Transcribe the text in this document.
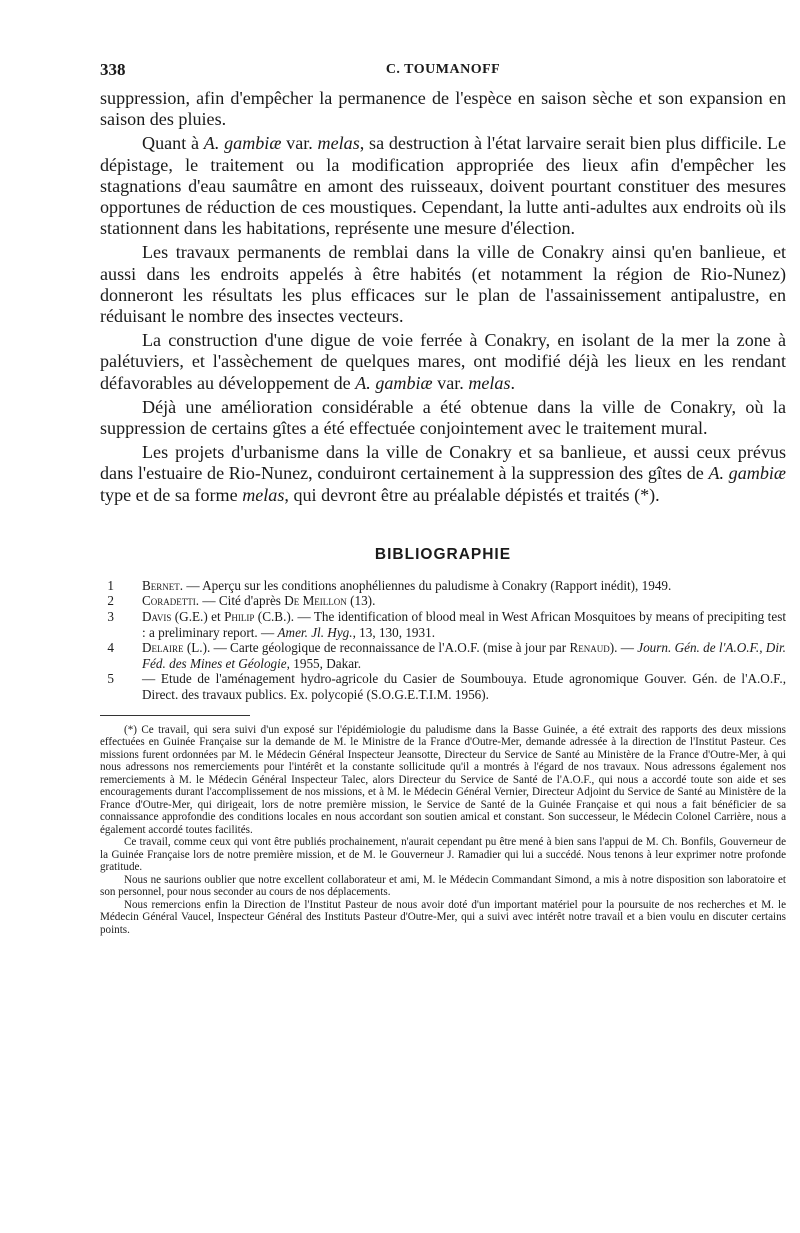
338	C. TOUMANOFF

suppression, afin d'empêcher la permanence de l'espèce en saison sèche et son expansion en saison des pluies.

Quant à A. gambiæ var. melas, sa destruction à l'état larvaire serait bien plus difficile. Le dépistage, le traitement ou la modification appropriée des lieux afin d'empêcher les stagnations d'eau saumâtre en amont des ruisseaux, doivent pourtant constituer des mesures opportunes de réduction de ces moustiques. Cependant, la lutte anti-adultes aux endroits où ils stationnent dans les habitations, représente une mesure d'élection.

Les travaux permanents de remblai dans la ville de Conakry ainsi qu'en banlieue, et aussi dans les endroits appelés à être habités (et notamment la région de Rio-Nunez) donneront les résultats les plus efficaces sur le plan de l'assainissement antipalustre, en réduisant le nombre des insectes vecteurs.

La construction d'une digue de voie ferrée à Conakry, en isolant de la mer la zone à palétuviers, et l'assèchement de quelques mares, ont modifié déjà les lieux en les rendant défavorables au développement de A. gambiæ var. melas.

Déjà une amélioration considérable a été obtenue dans la ville de Conakry, où la suppression de certains gîtes a été effectuée conjointement avec le traitement mural.

Les projets d'urbanisme dans la ville de Conakry et sa banlieue, et aussi ceux prévus dans l'estuaire de Rio-Nunez, conduiront certainement à la suppression des gîtes de A. gambiæ type et de sa forme melas, qui devront être au préalable dépistés et traités (*).

BIBLIOGRAPHIE
1 Bernet. — Aperçu sur les conditions anophéliennes du paludisme à Conakry (Rapport inédit), 1949.
2 Coradetti. — Cité d'après De Meillon (13).
3 Davis (G.E.) et Philip (C.B.). — The identification of blood meal in West African Mosquitoes by means of precipiting test : a preliminary report. — Amer. Jl. Hyg., 13, 130, 1931.
4 Delaire (L.). — Carte géologique de reconnaissance de l'A.O.F. (mise à jour par Renaud). — Journ. Gén. de l'A.O.F., Dir. Féd. des Mines et Géologie, 1955, Dakar.
5 — Etude de l'aménagement hydro-agricole du Casier de Soumbouya. Etude agronomique Gouver. Gén. de l'A.O.F., Direct. des travaux publics. Ex. polycopié (S.O.G.E.T.I.M. 1956).

(*) Ce travail, qui sera suivi d'un exposé sur l'épidémiologie du paludisme dans la Basse Guinée, a été extrait des rapports des deux missions effectuées en Guinée Française sur la demande de M. le Ministre de la France d'Outre-Mer, demande adressée à la direction de l'Institut Pasteur. Ces missions furent ordonnées par M. le Médecin Général Inspecteur Jeansotte, Directeur du Service de Santé au Ministère de la France d'Outre-Mer, à qui nous adressons nos remerciements pour l'intérêt et la constante sollicitude qu'il a montrés à l'égard de nos travaux. Nous adressons également nos remerciements à M. le Médecin Général Inspecteur Talec, alors Directeur du Service de Santé de l'A.O.F., qui nous a accordé toute son aide et ses encouragements durant l'accomplissement de nos missions, et à M. le Médecin Général Vernier, Directeur Adjoint du Service de Santé au Ministère de la France d'Outre-Mer, qui dirigeait, lors de notre première mission, le Service de Santé de la Guinée Française et qui nous a fait bénéficier de sa connaissance approfondie des conditions locales en nous accordant son soutien amical et constant. Son successeur, le Médecin Colonel Carrière, nous a également accordé toutes facilités.

Ce travail, comme ceux qui vont être publiés prochainement, n'aurait cependant pu être mené à bien sans l'appui de M. Ch. Bonfils, Gouverneur de la Guinée Française lors de notre première mission, et de M. le Gouverneur J. Ramadier qui lui a succédé. Nous tenons à leur exprimer notre profonde gratitude.

Nous ne saurions oublier que notre excellent collaborateur et ami, M. le Médecin Commandant Simond, a mis à notre disposition son laboratoire et son personnel, pour nous seconder au cours de nos déplacements.

Nous remercions enfin la Direction de l'Institut Pasteur de nous avoir doté d'un important matériel pour la poursuite de nos recherches et M. le Médecin Général Vaucel, Inspecteur Général des Instituts Pasteur d'Outre-Mer, qui a suivi avec intérêt notre travail et a bien voulu en discuter certains points.
